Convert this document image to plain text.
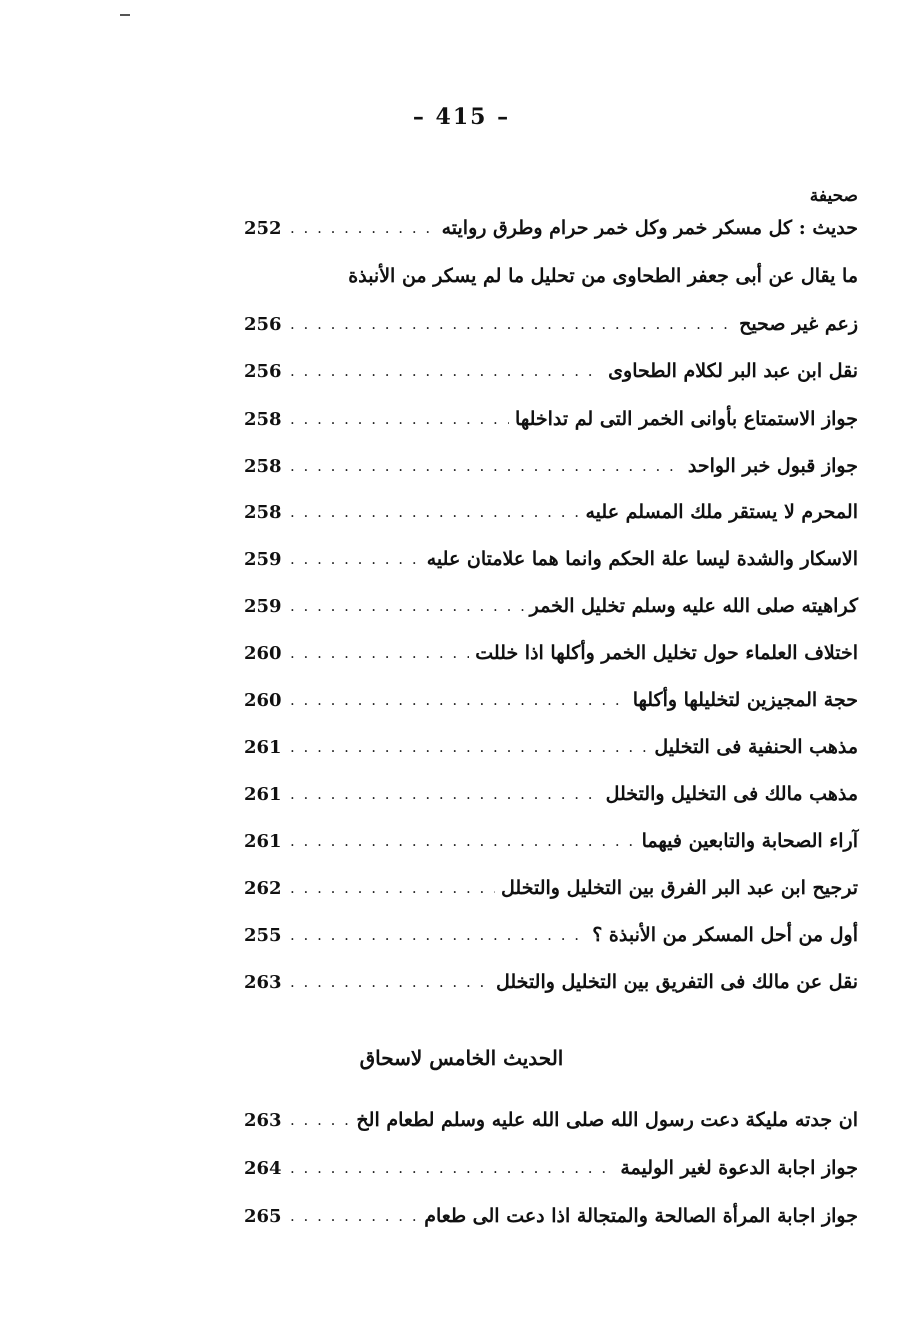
– 415 –
صحيفة
حديث : كل مسكر خمر وكل خمر حرام وطرق روايته
. . .
252
ما يقال عن أبى جعفر الطحاوى من تحليل ما لم يسكر من الأنبذة
زعم غير صحيح
. . .
256
نقل ابن عبد البر لكلام الطحاوى
. . .
256
جواز الاستمتاع بأوانى الخمر التى لم تداخلها
. . .
258
جواز قبول خبر الواحد
. . .
258
المحرم لا يستقر ملك المسلم عليه
. . .
258
الاسكار والشدة ليسا علة الحكم وانما هما علامتان عليه
. . .
259
كراهيته صلى الله عليه وسلم تخليل الخمر
. . .
259
اختلاف العلماء حول تخليل الخمر وأكلها اذا خللت
. . .
260
حجة المجيزين لتخليلها وأكلها
. . .
260
مذهب الحنفية فى التخليل
. . .
261
مذهب مالك فى التخليل والتخلل
. . .
261
آراء الصحابة والتابعين فيهما
. . .
261
ترجيح ابن عبد البر الفرق بين التخليل والتخلل
. . .
262
أول من أحل المسكر من الأنبذة ؟
. . .
255
نقل عن مالك فى التفريق بين التخليل والتخلل
. . .
263
الحديث الخامس لاسحاق
ان جدته مليكة دعت رسول الله صلى الله عليه وسلم لطعام الخ
. . .
263
جواز اجابة الدعوة لغير الوليمة
. . .
264
جواز اجابة المرأة الصالحة والمتجالة اذا دعت الى طعام
. . .
265
